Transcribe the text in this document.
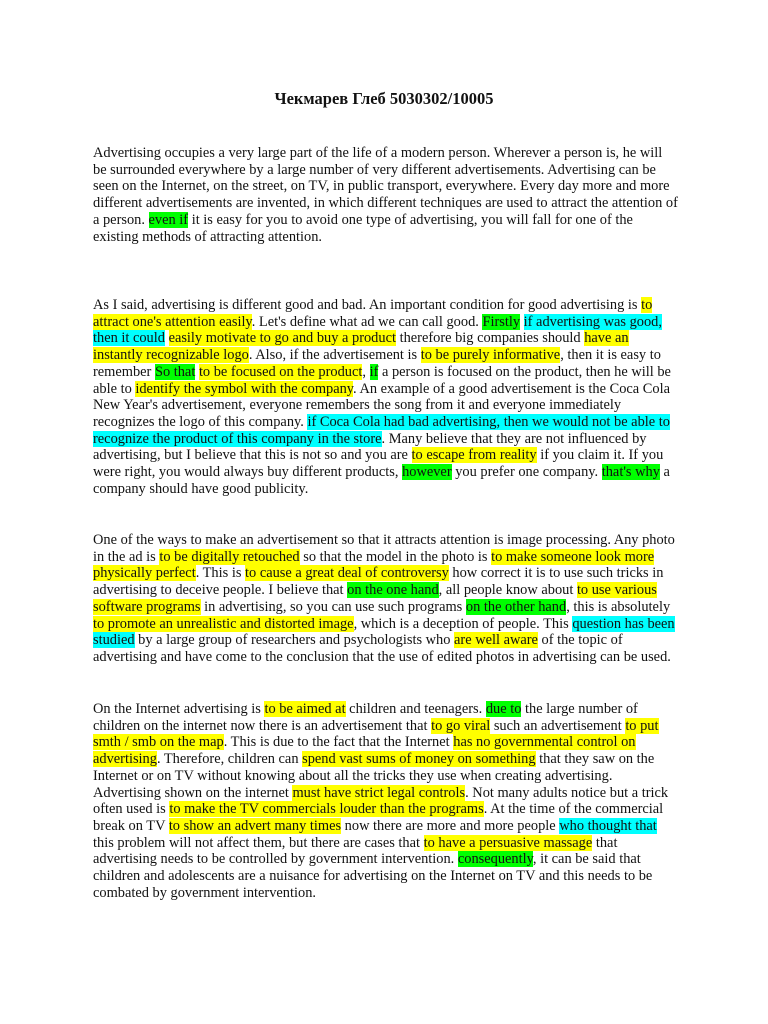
Чекмарев Глеб 5030302/10005

Advertising occupies a very large part of the life of a modern person. Wherever a person is, he will be surrounded everywhere by a large number of very different advertisements. Advertising can be seen on the Internet, on the street, on TV, in public transport, everywhere. Every day more and more different advertisements are invented, in which different techniques are used to attract the attention of a person. even if it is easy for you to avoid one type of advertising, you will fall for one of the existing methods of attracting attention.

As I said, advertising is different good and bad. An important condition for good advertising is to attract one's attention easily. Let's define what ad we can call good. Firstly if advertising was good, then it could easily motivate to go and buy a product therefore big companies should have an instantly recognizable logo. Also, if the advertisement is to be purely informative, then it is easy to remember So that to be focused on the product, if a person is focused on the product, then he will be able to identify the symbol with the company. An example of a good advertisement is the Coca Cola New Year's advertisement, everyone remembers the song from it and everyone immediately recognizes the logo of this company. if Coca Cola had bad advertising, then we would not be able to recognize the product of this company in the store. Many believe that they are not influenced by advertising, but I believe that this is not so and you are to escape from reality if you claim it. If you were right, you would always buy different products, however you prefer one company. that's why a company should have good publicity.

One of the ways to make an advertisement so that it attracts attention is image processing. Any photo in the ad is to be digitally retouched so that the model in the photo is to make someone look more physically perfect. This is to cause a great deal of controversy how correct it is to use such tricks in advertising to deceive people. I believe that on the one hand, all people know about to use various software programs in advertising, so you can use such programs on the other hand, this is absolutely to promote an unrealistic and distorted image, which is a deception of people. This question has been studied by a large group of researchers and psychologists who are well aware of the topic of advertising and have come to the conclusion that the use of edited photos in advertising can be used.

On the Internet advertising is to be aimed at children and teenagers. due to the large number of children on the internet now there is an advertisement that to go viral such an advertisement to put smth / smb on the map. This is due to the fact that the Internet has no governmental control on advertising. Therefore, children can spend vast sums of money on something that they saw on the Internet or on TV without knowing about all the tricks they use when creating advertising. Advertising shown on the internet must have strict legal controls. Not many adults notice but a trick often used is to make the TV commercials louder than the programs. At the time of the commercial break on TV to show an advert many times now there are more and more people who thought that this problem will not affect them, but there are cases that to have a persuasive massage that advertising needs to be controlled by government intervention. consequently, it can be said that children and adolescents are a nuisance for advertising on the Internet on TV and this needs to be combated by government intervention.
